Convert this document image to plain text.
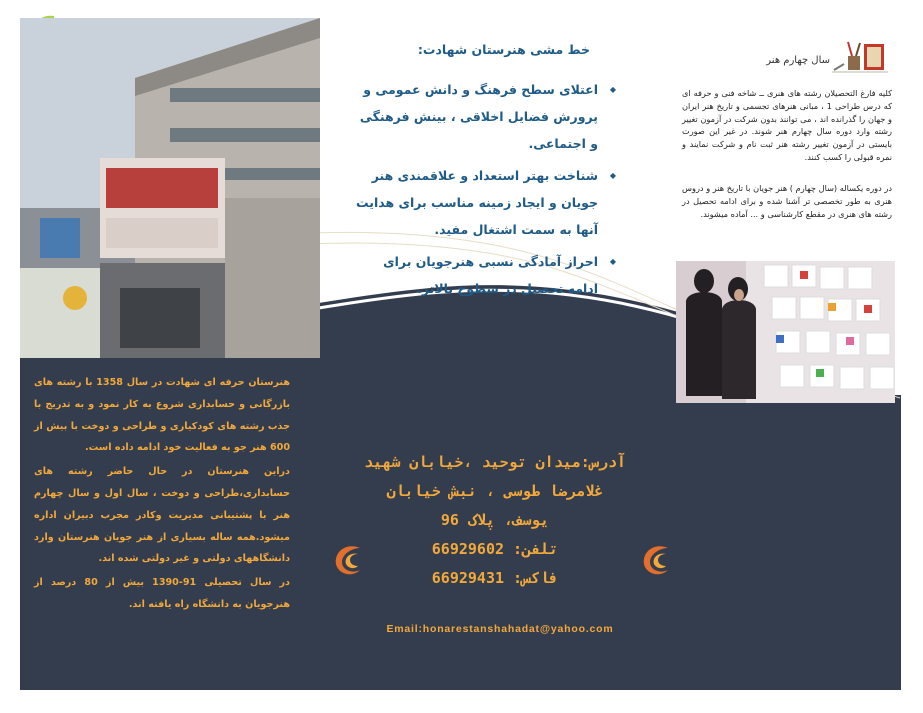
خط مشی هنرستان شهادت:
◆ اعتلای سطح فرهنگ و دانش عمومی و پرورش فضایل اخلاقی ، بینش فرهنگی و اجتماعی.
◆ شناخت بهتر استعداد و علاقمندی هنر جویان و ایجاد زمینه مناسب برای هدایت آنها به سمت اشتغال مفید.
◆ احراز آمادگی نسبی هنرجویان برای ادامه تحصیل در سطوح بالاتر.
سال چهارم هنر

کلیه فارغ التحصیلان رشته های هنری ــ شاخه فنی و حرفه ای که درس طراحی 1 ، مبانی هنرهای تجسمی و تاریخ هنر ایران و جهان را گذرانده اند ، می توانند بدون شرکت در آزمون تغییر رشته وارد دوره سال چهارم هنر شوند. در غیر این صورت بایستی در آزمون تغییر رشته هنر ثبت نام و شرکت نمایند و نمره قبولی را کسب کنند.

در دوره یکساله (سال چهارم ) هنر جویان با تاریخ هنر و دروس هنری به طور تخصصی تر آشنا شده و برای ادامه تحصیل در رشته های هنری در مقطع کارشناسی و ... آماده میشوند.

هنرستان حرفه ای شهادت در سال 1358 با رشته های بازرگانی و حسابداری شروع به کار نمود و به تدریج با جذب رشته های کودکیاری و طراحی و دوخت با بیش از 600 هنر جو به فعالیت خود ادامه داده است.

دراین هنرستان در حال حاضر رشته های حسابداری،طراحی و دوخت ، سال اول و سال چهارم هنر با پشتیبانی مدیریت وکادر مجرب دبیران اداره میشود.همه ساله بسیاری از هنر جویان هنرستان وارد دانشگاههای دولتی و غیر دولتی شده اند.

در سال تحصیلی 91-1390 بیش از 80 درصد از هنرجویان به دانشگاه راه یافته اند.

آدرس:میدان توحید ،خیابان شهید
غلامرضا طوسی ، نبش خیابان
یوسف، پلاک 96
تلفن: 66929602
فاکس: 66929431
Email:honarestanshahadat@yahoo.com
